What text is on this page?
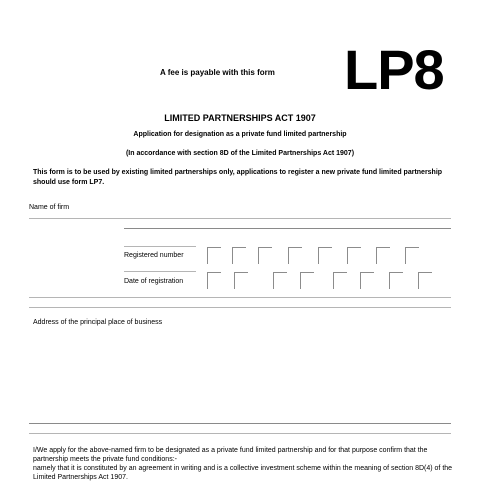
A fee is payable with this form LP8
LIMITED PARTNERSHIPS ACT 1907
Application for designation as a private fund limited partnership
(In accordance with section 8D of the Limited Partnerships Act 1907)
This form is to be used by existing limited partnerships only, applications to register a new private fund limited partnership should use form LP7.
Name of firm
Registered number
Date of registration
Address of the principal place of business
I/We apply for the above-named firm to be designated as a private fund limited partnership and for that purpose confirm that the partnership meets the private fund conditions:-
namely that it is constituted by an agreement in writing and is a collective investment scheme within the meaning of section 8D(4) of the Limited Partnerships Act 1907.
